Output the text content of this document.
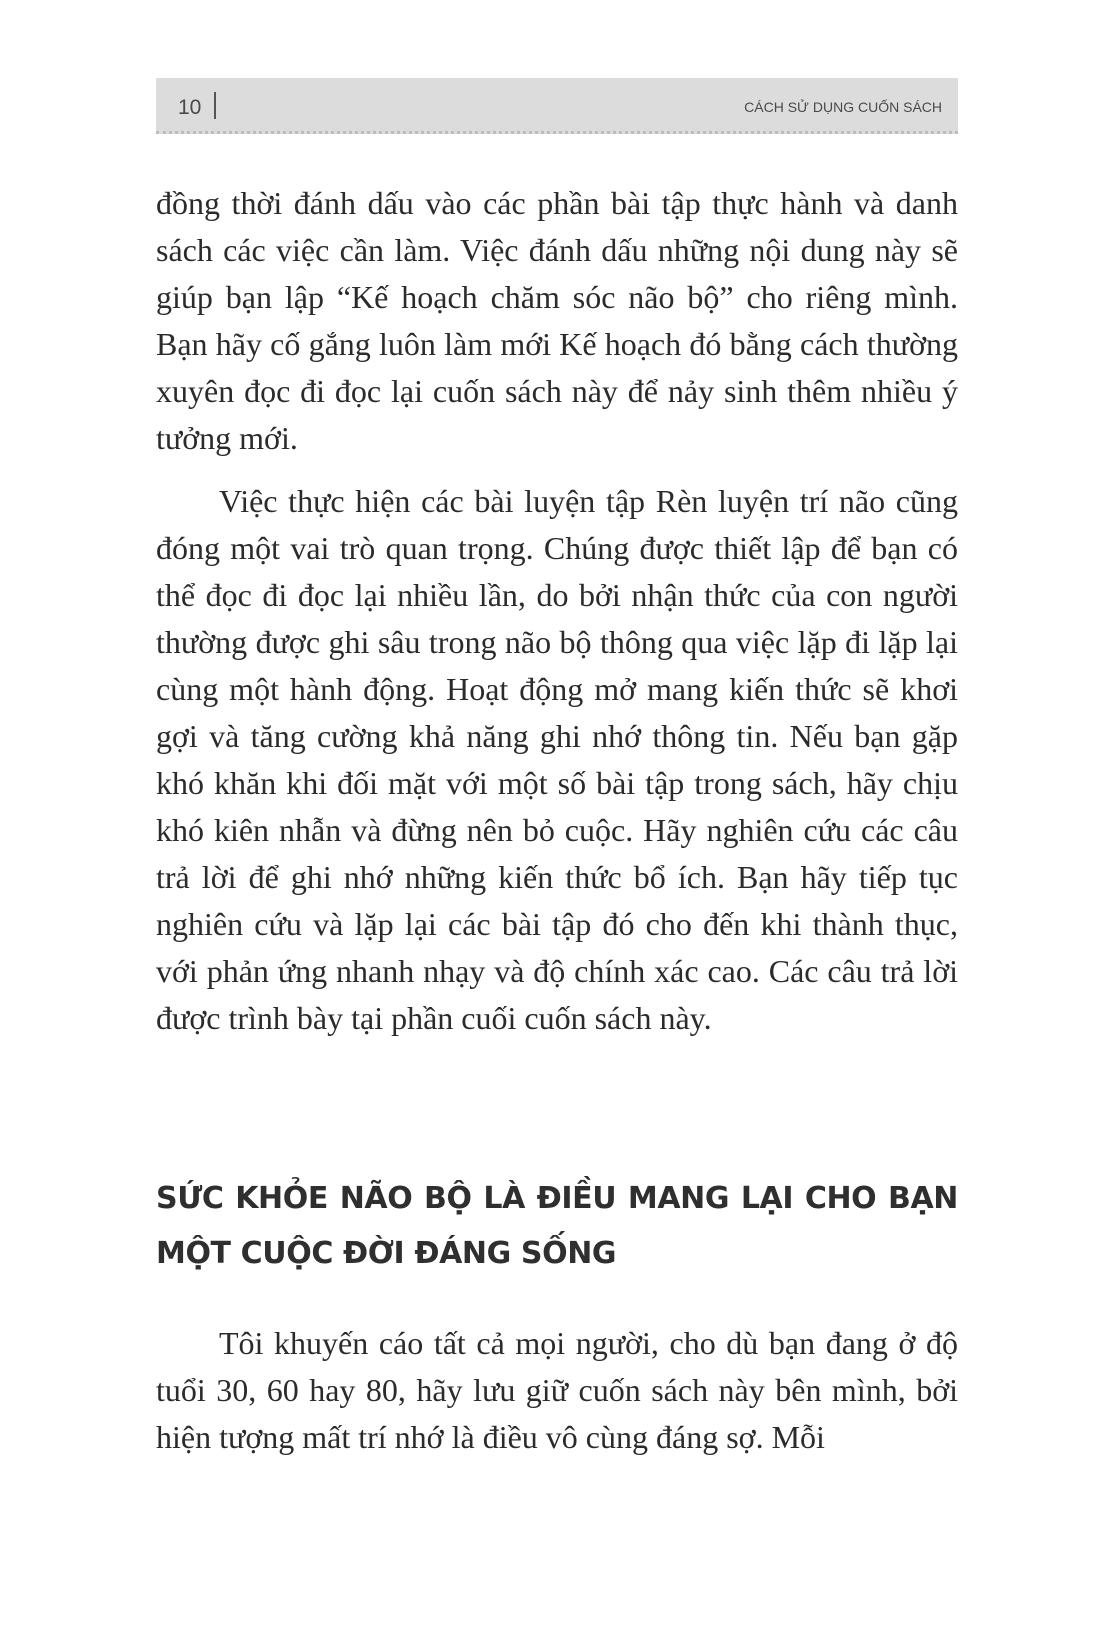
10	CÁCH SỬ DỤNG CUỐN SÁCH

đồng thời đánh dấu vào các phần bài tập thực hành và danh sách các việc cần làm. Việc đánh dấu những nội dung này sẽ giúp bạn lập “Kế hoạch chăm sóc não bộ” cho riêng mình. Bạn hãy cố gắng luôn làm mới Kế hoạch đó bằng cách thường xuyên đọc đi đọc lại cuốn sách này để nảy sinh thêm nhiều ý tưởng mới.

Việc thực hiện các bài luyện tập Rèn luyện trí não cũng đóng một vai trò quan trọng. Chúng được thiết lập để bạn có thể đọc đi đọc lại nhiều lần, do bởi nhận thức của con người thường được ghi sâu trong não bộ thông qua việc lặp đi lặp lại cùng một hành động. Hoạt động mở mang kiến thức sẽ khơi gợi và tăng cường khả năng ghi nhớ thông tin. Nếu bạn gặp khó khăn khi đối mặt với một số bài tập trong sách, hãy chịu khó kiên nhẫn và đừng nên bỏ cuộc. Hãy nghiên cứu các câu trả lời để ghi nhớ những kiến thức bổ ích. Bạn hãy tiếp tục nghiên cứu và lặp lại các bài tập đó cho đến khi thành thục, với phản ứng nhanh nhạy và độ chính xác cao. Các câu trả lời được trình bày tại phần cuối cuốn sách này.

SỨC KHỎE NÃO BỘ LÀ ĐIỀU MANG LẠI CHO BẠN MỘT CUỘC ĐỜI ĐÁNG SỐNG

Tôi khuyến cáo tất cả mọi người, cho dù bạn đang ở độ tuổi 30, 60 hay 80, hãy lưu giữ cuốn sách này bên mình, bởi hiện tượng mất trí nhớ là điều vô cùng đáng sợ. Mỗi
